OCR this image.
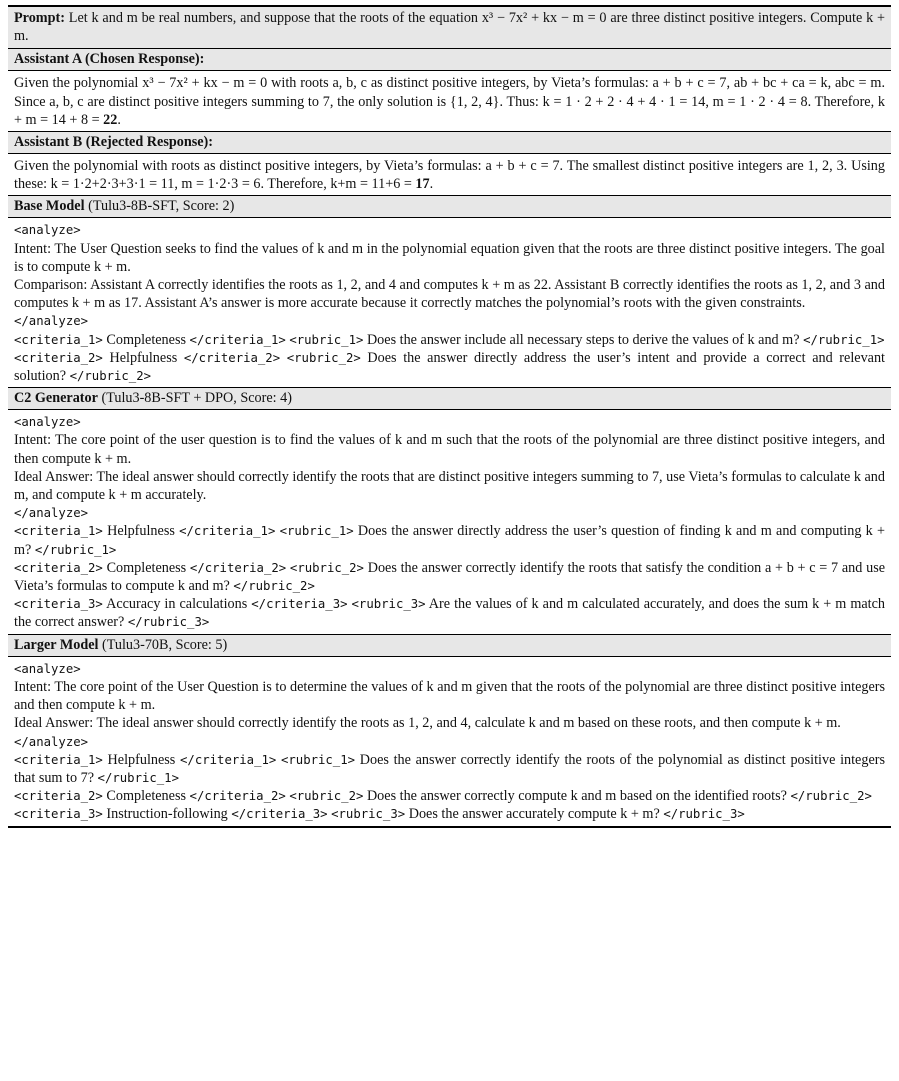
Prompt: Let k and m be real numbers, and suppose that the roots of the equation x³ − 7x² + kx − m = 0 are three distinct positive integers. Compute k + m.
Assistant A (Chosen Response):
Given the polynomial x³ − 7x² + kx − m = 0 with roots a, b, c as distinct positive integers, by Vieta’s formulas: a + b + c = 7, ab + bc + ca = k, abc = m. Since a, b, c are distinct positive integers summing to 7, the only solution is {1, 2, 4}. Thus: k = 1 · 2 + 2 · 4 + 4 · 1 = 14, m = 1 · 2 · 4 = 8. Therefore, k + m = 14 + 8 = 22.
Assistant B (Rejected Response):
Given the polynomial with roots as distinct positive integers, by Vieta’s formulas: a + b + c = 7. The smallest distinct positive integers are 1, 2, 3. Using these: k = 1·2+2·3+3·1 = 11, m = 1·2·3 = 6. Therefore, k+m = 11+6 = 17.
Base Model (Tulu3-8B-SFT, Score: 2)
<analyze>
Intent: The User Question seeks to find the values of k and m in the polynomial equation given that the roots are three distinct positive integers. The goal is to compute k + m.
Comparison: Assistant A correctly identifies the roots as 1, 2, and 4 and computes k + m as 22. Assistant B correctly identifies the roots as 1, 2, and 3 and computes k + m as 17. Assistant A’s answer is more accurate because it correctly matches the polynomial’s roots with the given constraints.
</analyze>
<criteria_1> Completeness </criteria_1> <rubric_1> Does the answer include all necessary steps to derive the values of k and m? </rubric_1>
<criteria_2> Helpfulness </criteria_2> <rubric_2> Does the answer directly address the user’s intent and provide a correct and relevant solution? </rubric_2>
C2 Generator (Tulu3-8B-SFT + DPO, Score: 4)
<analyze>
Intent: The core point of the user question is to find the values of k and m such that the roots of the polynomial are three distinct positive integers, and then compute k + m.
Ideal Answer: The ideal answer should correctly identify the roots that are distinct positive integers summing to 7, use Vieta’s formulas to calculate k and m, and compute k + m accurately.
</analyze>
<criteria_1> Helpfulness </criteria_1> <rubric_1> Does the answer directly address the user’s question of finding k and m and computing k + m? </rubric_1>
<criteria_2> Completeness </criteria_2> <rubric_2> Does the answer correctly identify the roots that satisfy the condition a + b + c = 7 and use Vieta’s formulas to compute k and m? </rubric_2>
<criteria_3> Accuracy in calculations </criteria_3> <rubric_3> Are the values of k and m calculated accurately, and does the sum k + m match the correct answer? </rubric_3>
Larger Model (Tulu3-70B, Score: 5)
<analyze>
Intent: The core point of the User Question is to determine the values of k and m given that the roots of the polynomial are three distinct positive integers and then compute k + m.
Ideal Answer: The ideal answer should correctly identify the roots as 1, 2, and 4, calculate k and m based on these roots, and then compute k + m.
</analyze>
<criteria_1> Helpfulness </criteria_1> <rubric_1> Does the answer correctly identify the roots of the polynomial as distinct positive integers that sum to 7? </rubric_1>
<criteria_2> Completeness </criteria_2> <rubric_2> Does the answer correctly compute k and m based on the identified roots? </rubric_2>
<criteria_3> Instruction-following </criteria_3> <rubric_3> Does the answer accurately compute k + m? </rubric_3>
